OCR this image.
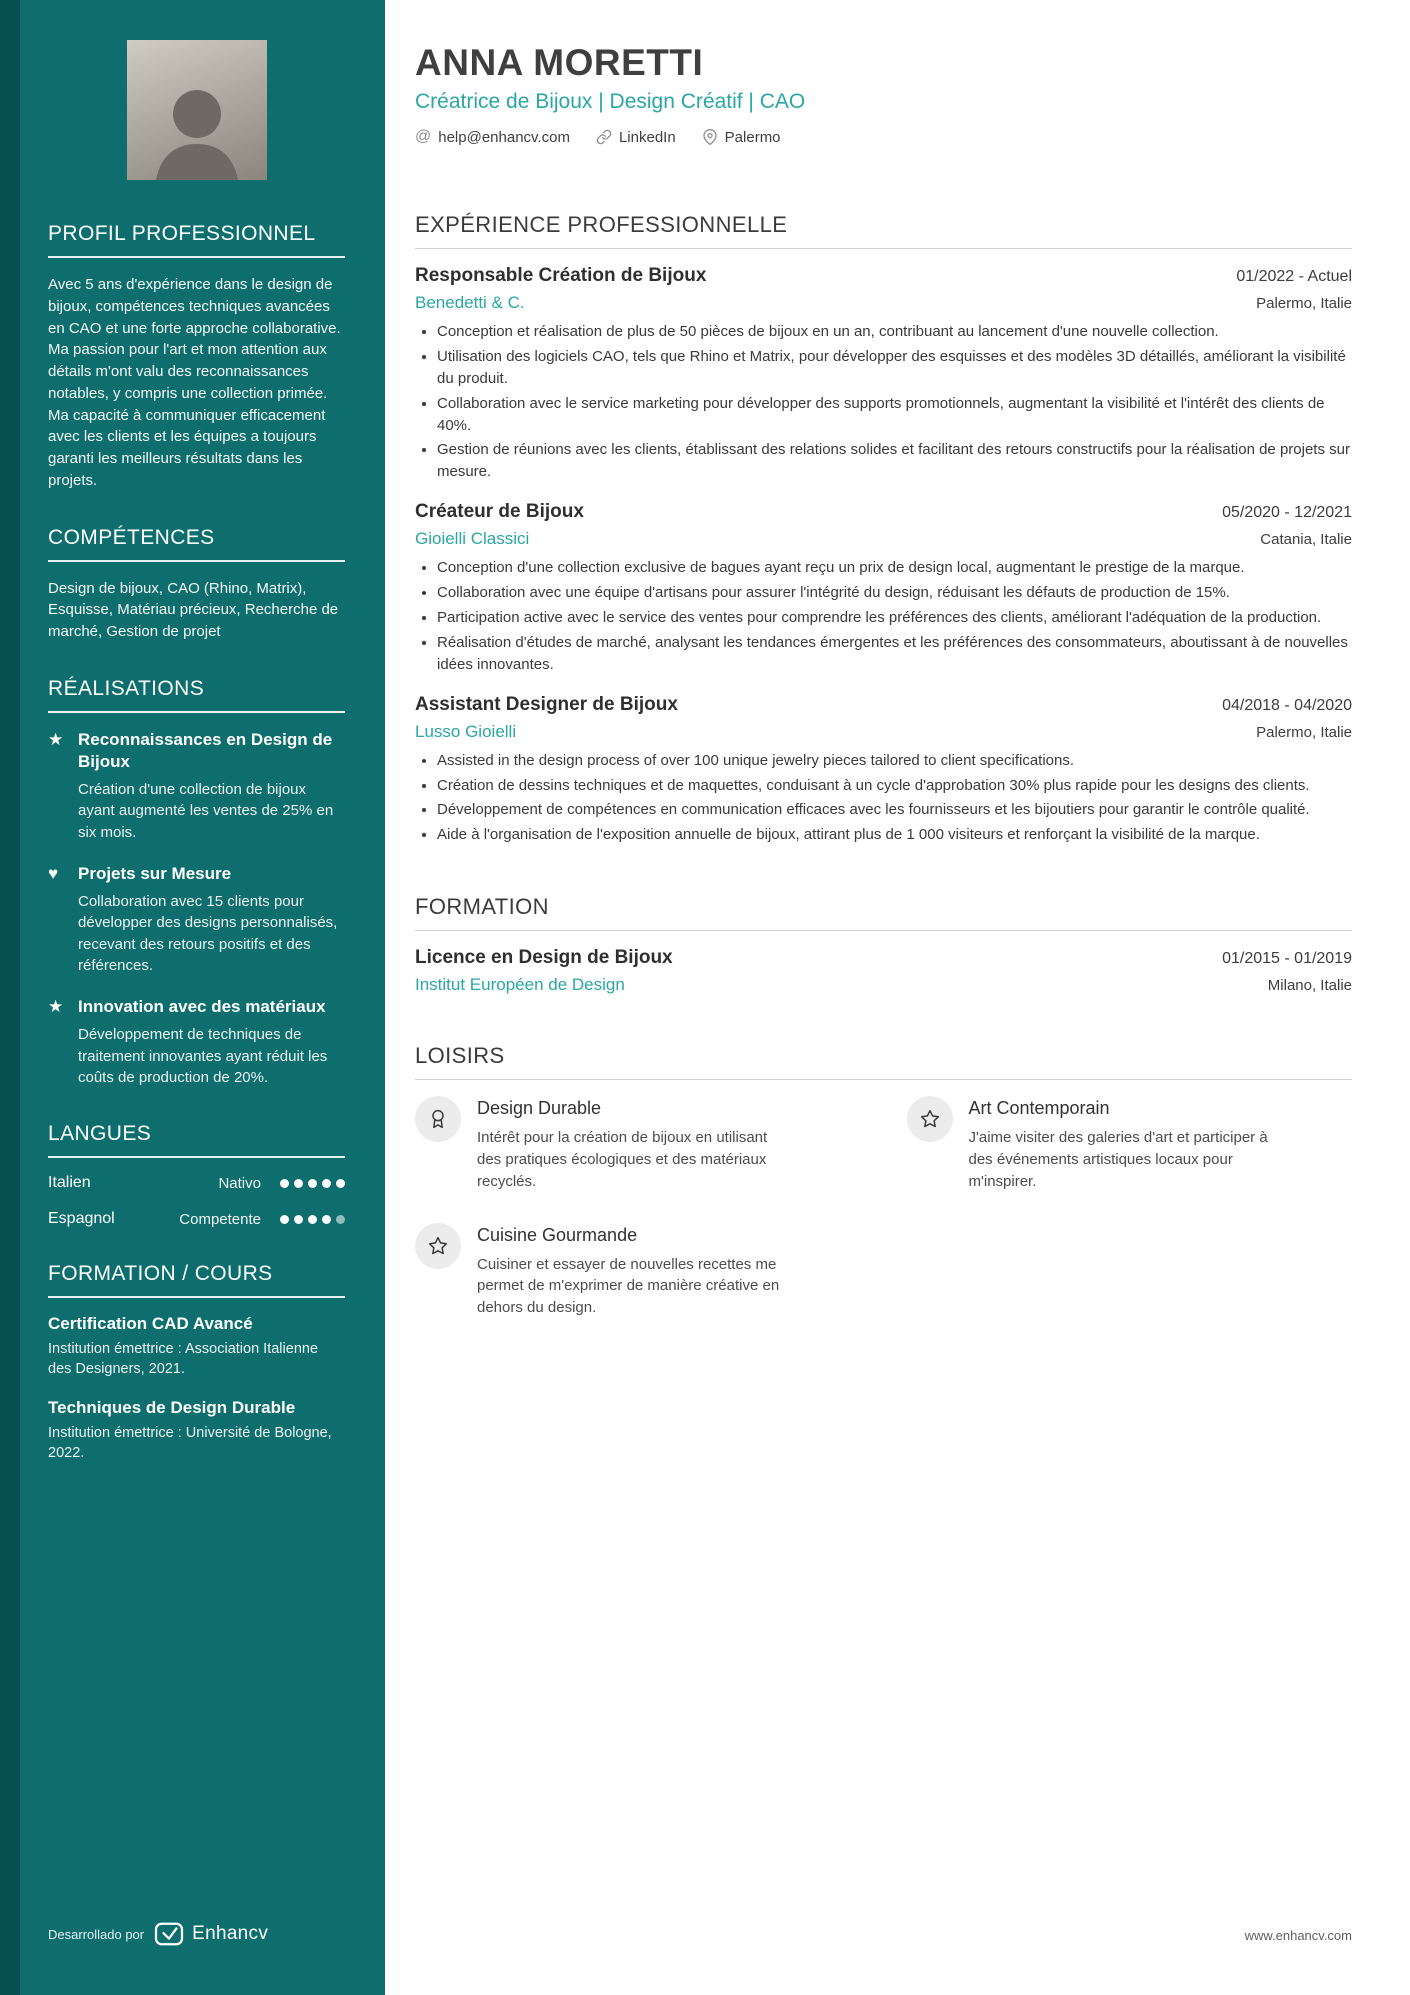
PROFIL PROFESSIONNEL
Avec 5 ans d'expérience dans le design de bijoux, compétences techniques avancées en CAO et une forte approche collaborative. Ma passion pour l'art et mon attention aux détails m'ont valu des reconnaissances notables, y compris une collection primée. Ma capacité à communiquer efficacement avec les clients et les équipes a toujours garanti les meilleurs résultats dans les projets.
COMPÉTENCES
Design de bijoux, CAO (Rhino, Matrix), Esquisse, Matériau précieux, Recherche de marché, Gestion de projet
RÉALISATIONS
★ Reconnaissances en Design de Bijoux
Création d'une collection de bijoux ayant augmenté les ventes de 25% en six mois.
♥	Projets sur Mesure
Collaboration avec 15 clients pour développer des designs personnalisés, recevant des retours positifs et des références.
★ Innovation avec des matériaux
Développement de techniques de traitement innovantes ayant réduit les coûts de production de 20%.
LANGUES
Italien	Nativo
Espagnol	Competente
FORMATION / COURS
Certification CAD Avancé
Institution émettrice : Association Italienne des Designers, 2021.
Techniques de Design Durable
Institution émettrice : Université de Bologne, 2022.
Desarrollado por	Enhancv
ANNA MORETTI
Créatrice de Bijoux | Design Créatif | CAO
@ help@enhancv.com	LinkedIn	Palermo
EXPÉRIENCE PROFESSIONNELLE
Responsable Création de Bijoux	01/2022 - Actuel
Benedetti & C.	Palermo, Italie
• Conception et réalisation de plus de 50 pièces de bijoux en un an, contribuant au lancement d'une nouvelle collection.
• Utilisation des logiciels CAO, tels que Rhino et Matrix, pour développer des esquisses et des modèles 3D détaillés, améliorant la visibilité du produit.
• Collaboration avec le service marketing pour développer des supports promotionnels, augmentant la visibilité et l'intérêt des clients de 40%.
• Gestion de réunions avec les clients, établissant des relations solides et facilitant des retours constructifs pour la réalisation de projets sur mesure.
Créateur de Bijoux	05/2020 - 12/2021
Gioielli Classici	Catania, Italie
• Conception d'une collection exclusive de bagues ayant reçu un prix de design local, augmentant le prestige de la marque.
• Collaboration avec une équipe d'artisans pour assurer l'intégrité du design, réduisant les défauts de production de 15%.
• Participation active avec le service des ventes pour comprendre les préférences des clients, améliorant l'adéquation de la production.
• Réalisation d'études de marché, analysant les tendances émergentes et les préférences des consommateurs, aboutissant à de nouvelles idées innovantes.
Assistant Designer de Bijoux	04/2018 - 04/2020
Lusso Gioielli	Palermo, Italie
• Assisted in the design process of over 100 unique jewelry pieces tailored to client specifications.
• Création de dessins techniques et de maquettes, conduisant à un cycle d'approbation 30% plus rapide pour les designs des clients.
• Développement de compétences en communication efficaces avec les fournisseurs et les bijoutiers pour garantir le contrôle qualité.
• Aide à l'organisation de l'exposition annuelle de bijoux, attirant plus de 1 000 visiteurs et renforçant la visibilité de la marque.
FORMATION
Licence en Design de Bijoux	01/2015 - 01/2019
Institut Européen de Design	Milano, Italie
LOISIRS
Design Durable
Intérêt pour la création de bijoux en utilisant des pratiques écologiques et des matériaux recyclés.
Art Contemporain
J'aime visiter des galeries d'art et participer à des événements artistiques locaux pour m'inspirer.
Cuisine Gourmande
Cuisiner et essayer de nouvelles recettes me permet de m'exprimer de manière créative en dehors du design.
www.enhancv.com
